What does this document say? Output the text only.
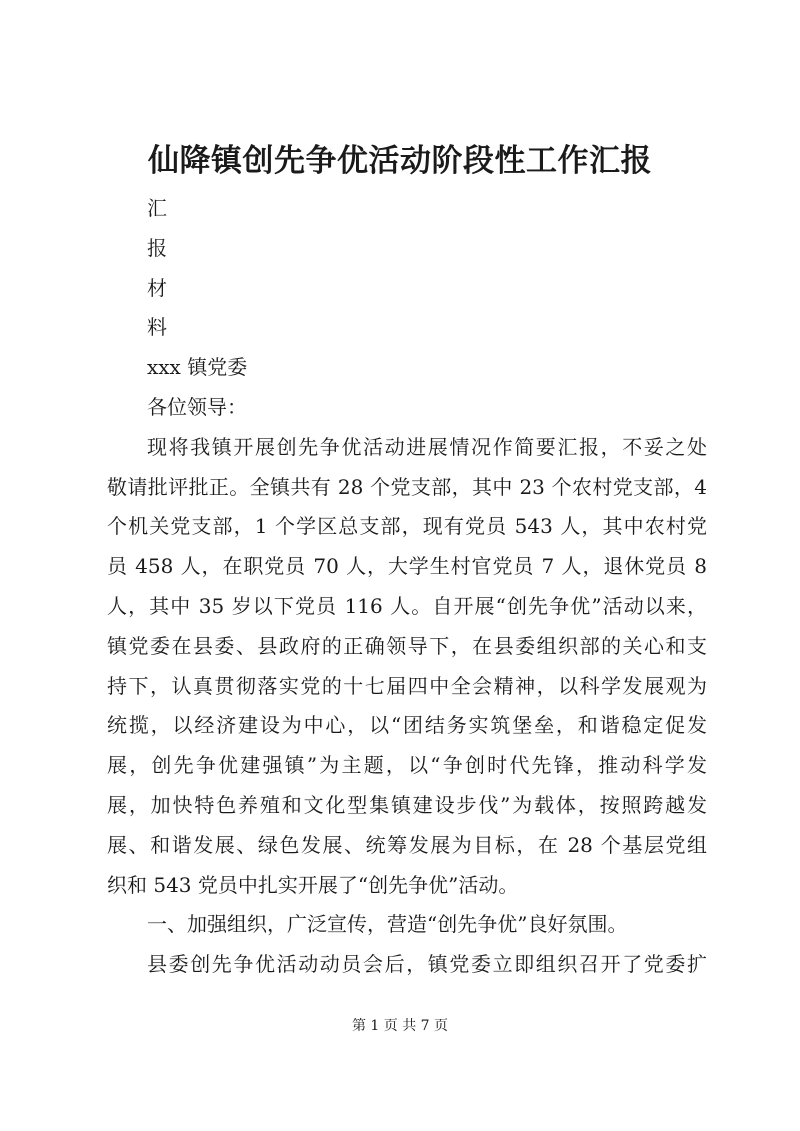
仙降镇创先争优活动阶段性工作汇报
汇
报
材
料
xxx 镇党委
各位领导：
现将我镇开展创先争优活动进展情况作简要汇报，不妥之处
敬请批评批正。全镇共有 28 个党支部，其中 23 个农村党支部，4
个机关党支部，1 个学区总支部，现有党员 543 人，其中农村党
员 458 人，在职党员 70 人，大学生村官党员 7 人，退休党员 8
人，其中 35 岁以下党员 116 人。自开展“创先争优”活动以来，
镇党委在县委、县政府的正确领导下，在县委组织部的关心和支
持下，认真贯彻落实党的十七届四中全会精神，以科学发展观为
统揽，以经济建设为中心，以“团结务实筑堡垒，和谐稳定促发
展，创先争优建强镇”为主题，以“争创时代先锋，推动科学发
展，加快特色养殖和文化型集镇建设步伐”为载体，按照跨越发
展、和谐发展、绿色发展、统筹发展为目标，在 28 个基层党组
织和 543 党员中扎实开展了“创先争优”活动。
一、加强组织，广泛宣传，营造“创先争优”良好氛围。
县委创先争优活动动员会后，镇党委立即组织召开了党委扩
第 1 页 共 7 页
